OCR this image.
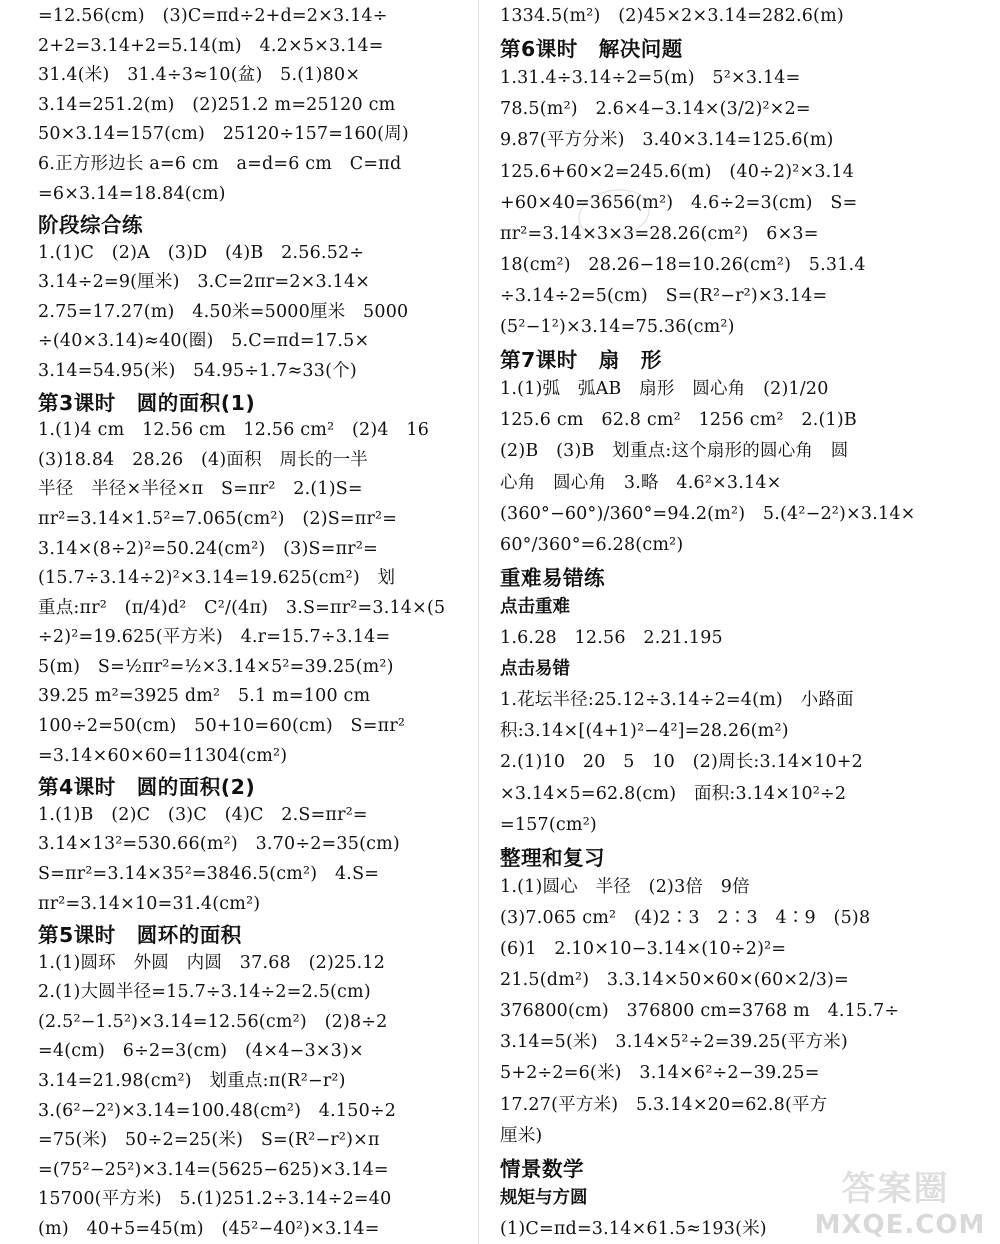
=12.56(cm)　(3)C=πd÷2+d=2×3.14÷
2+2=3.14+2=5.14(m)　4.2×5×3.14=
31.4(米)　31.4÷3≈10(盆)　5.(1)80×
3.14=251.2(m)　(2)251.2 m=25120 cm
50×3.14=157(cm)　25120÷157=160(周)
6.正方形边长 a=6 cm　a=d=6 cm　C=πd
=6×3.14=18.84(cm)
阶段综合练
1.(1)C　(2)A　(3)D　(4)B　2.56.52÷
3.14÷2=9(厘米)　3.C=2πr=2×3.14×
2.75=17.27(m)　4.50米=5000厘米　5000
÷(40×3.14)≈40(圈)　5.C=πd=17.5×
3.14=54.95(米)　54.95÷1.7≈33(个)
第3课时　圆的面积(1)
1.(1)4 cm　12.56 cm　12.56 cm²　(2)4　16
(3)18.84　28.26　(4)面积　周长的一半
半径　半径×半径×π　S=πr²　2.(1)S=
πr²=3.14×1.5²=7.065(cm²)　(2)S=πr²=
3.14×(8÷2)²=50.24(cm²)　(3)S=πr²=
(15.7÷3.14÷2)²×3.14=19.625(cm²)　划
重点:πr²　(π/4)d²　C²/(4π)　3.S=πr²=3.14×(5
÷2)²=19.625(平方米)　4.r=15.7÷3.14=
5(m)　S=½πr²=½×3.14×5²=39.25(m²)
39.25 m²=3925 dm²　5.1 m=100 cm
100÷2=50(cm)　50+10=60(cm)　S=πr²
=3.14×60×60=11304(cm²)
第4课时　圆的面积(2)
1.(1)B　(2)C　(3)C　(4)C　2.S=πr²=
3.14×13²=530.66(m²)　3.70÷2=35(cm)
S=πr²=3.14×35²=3846.5(cm²)　4.S=
πr²=3.14×10=31.4(cm²)
第5课时　圆环的面积
1.(1)圆环　外圆　内圆　37.68　(2)25.12
2.(1)大圆半径=15.7÷3.14÷2=2.5(cm)
(2.5²−1.5²)×3.14=12.56(cm²)　(2)8÷2
=4(cm)　6÷2=3(cm)　(4×4−3×3)×
3.14=21.98(cm²)　划重点:π(R²−r²)
3.(6²−2²)×3.14=100.48(cm²)　4.150÷2
=75(米)　50÷2=25(米)　S=(R²−r²)×π
=(75²−25²)×3.14=(5625−625)×3.14=
15700(平方米)　5.(1)251.2÷3.14÷2=40
(m)　40+5=45(m)　(45²−40²)×3.14=
1334.5(m²)　(2)45×2×3.14=282.6(m)
第6课时　解决问题
1.31.4÷3.14÷2=5(m)　5²×3.14=
78.5(m²)　2.6×4−3.14×(3/2)²×2=
9.87(平方分米)　3.40×3.14=125.6(m)
125.6+60×2=245.6(m)　(40÷2)²×3.14
+60×40=3656(m²)　4.6÷2=3(cm)　S=
πr²=3.14×3×3=28.26(cm²)　6×3=
18(cm²)　28.26−18=10.26(cm²)　5.31.4
÷3.14÷2=5(cm)　S=(R²−r²)×3.14=
(5²−1²)×3.14=75.36(cm²)
第7课时　扇　形
1.(1)弧　弧AB　扇形　圆心角　(2)1/20
125.6 cm　62.8 cm²　1256 cm²　2.(1)B
(2)B　(3)B　划重点:这个扇形的圆心角　圆
心角　圆心角　3.略　4.6²×3.14×
(360°−60°)/360°=94.2(m²)　5.(4²−2²)×3.14×
60°/360°=6.28(cm²)
重难易错练
点击重难
1.6.28　12.56　2.21.195
点击易错
1.花坛半径:25.12÷3.14÷2=4(m)　小路面
积:3.14×[(4+1)²−4²]=28.26(m²)
2.(1)10　20　5　10　(2)周长:3.14×10+2
×3.14×5=62.8(cm)　面积:3.14×10²÷2
=157(cm²)
整理和复习
1.(1)圆心　半径　(2)3倍　9倍
(3)7.065 cm²　(4)2∶3　2∶3　4∶9　(5)8
(6)1　2.10×10−3.14×(10÷2)²=
21.5(dm²)　3.3.14×50×60×(60×2/3)=
376800(cm)　376800 cm=3768 m　4.15.7÷
3.14=5(米)　3.14×5²÷2=39.25(平方米)
5+2÷2=6(米)　3.14×6²÷2−39.25=
17.27(平方米)　5.3.14×20=62.8(平方
厘米)
情景数学
规矩与方圆
(1)C=πd=3.14×61.5≈193(米)
答案圈
MXQE.COM
